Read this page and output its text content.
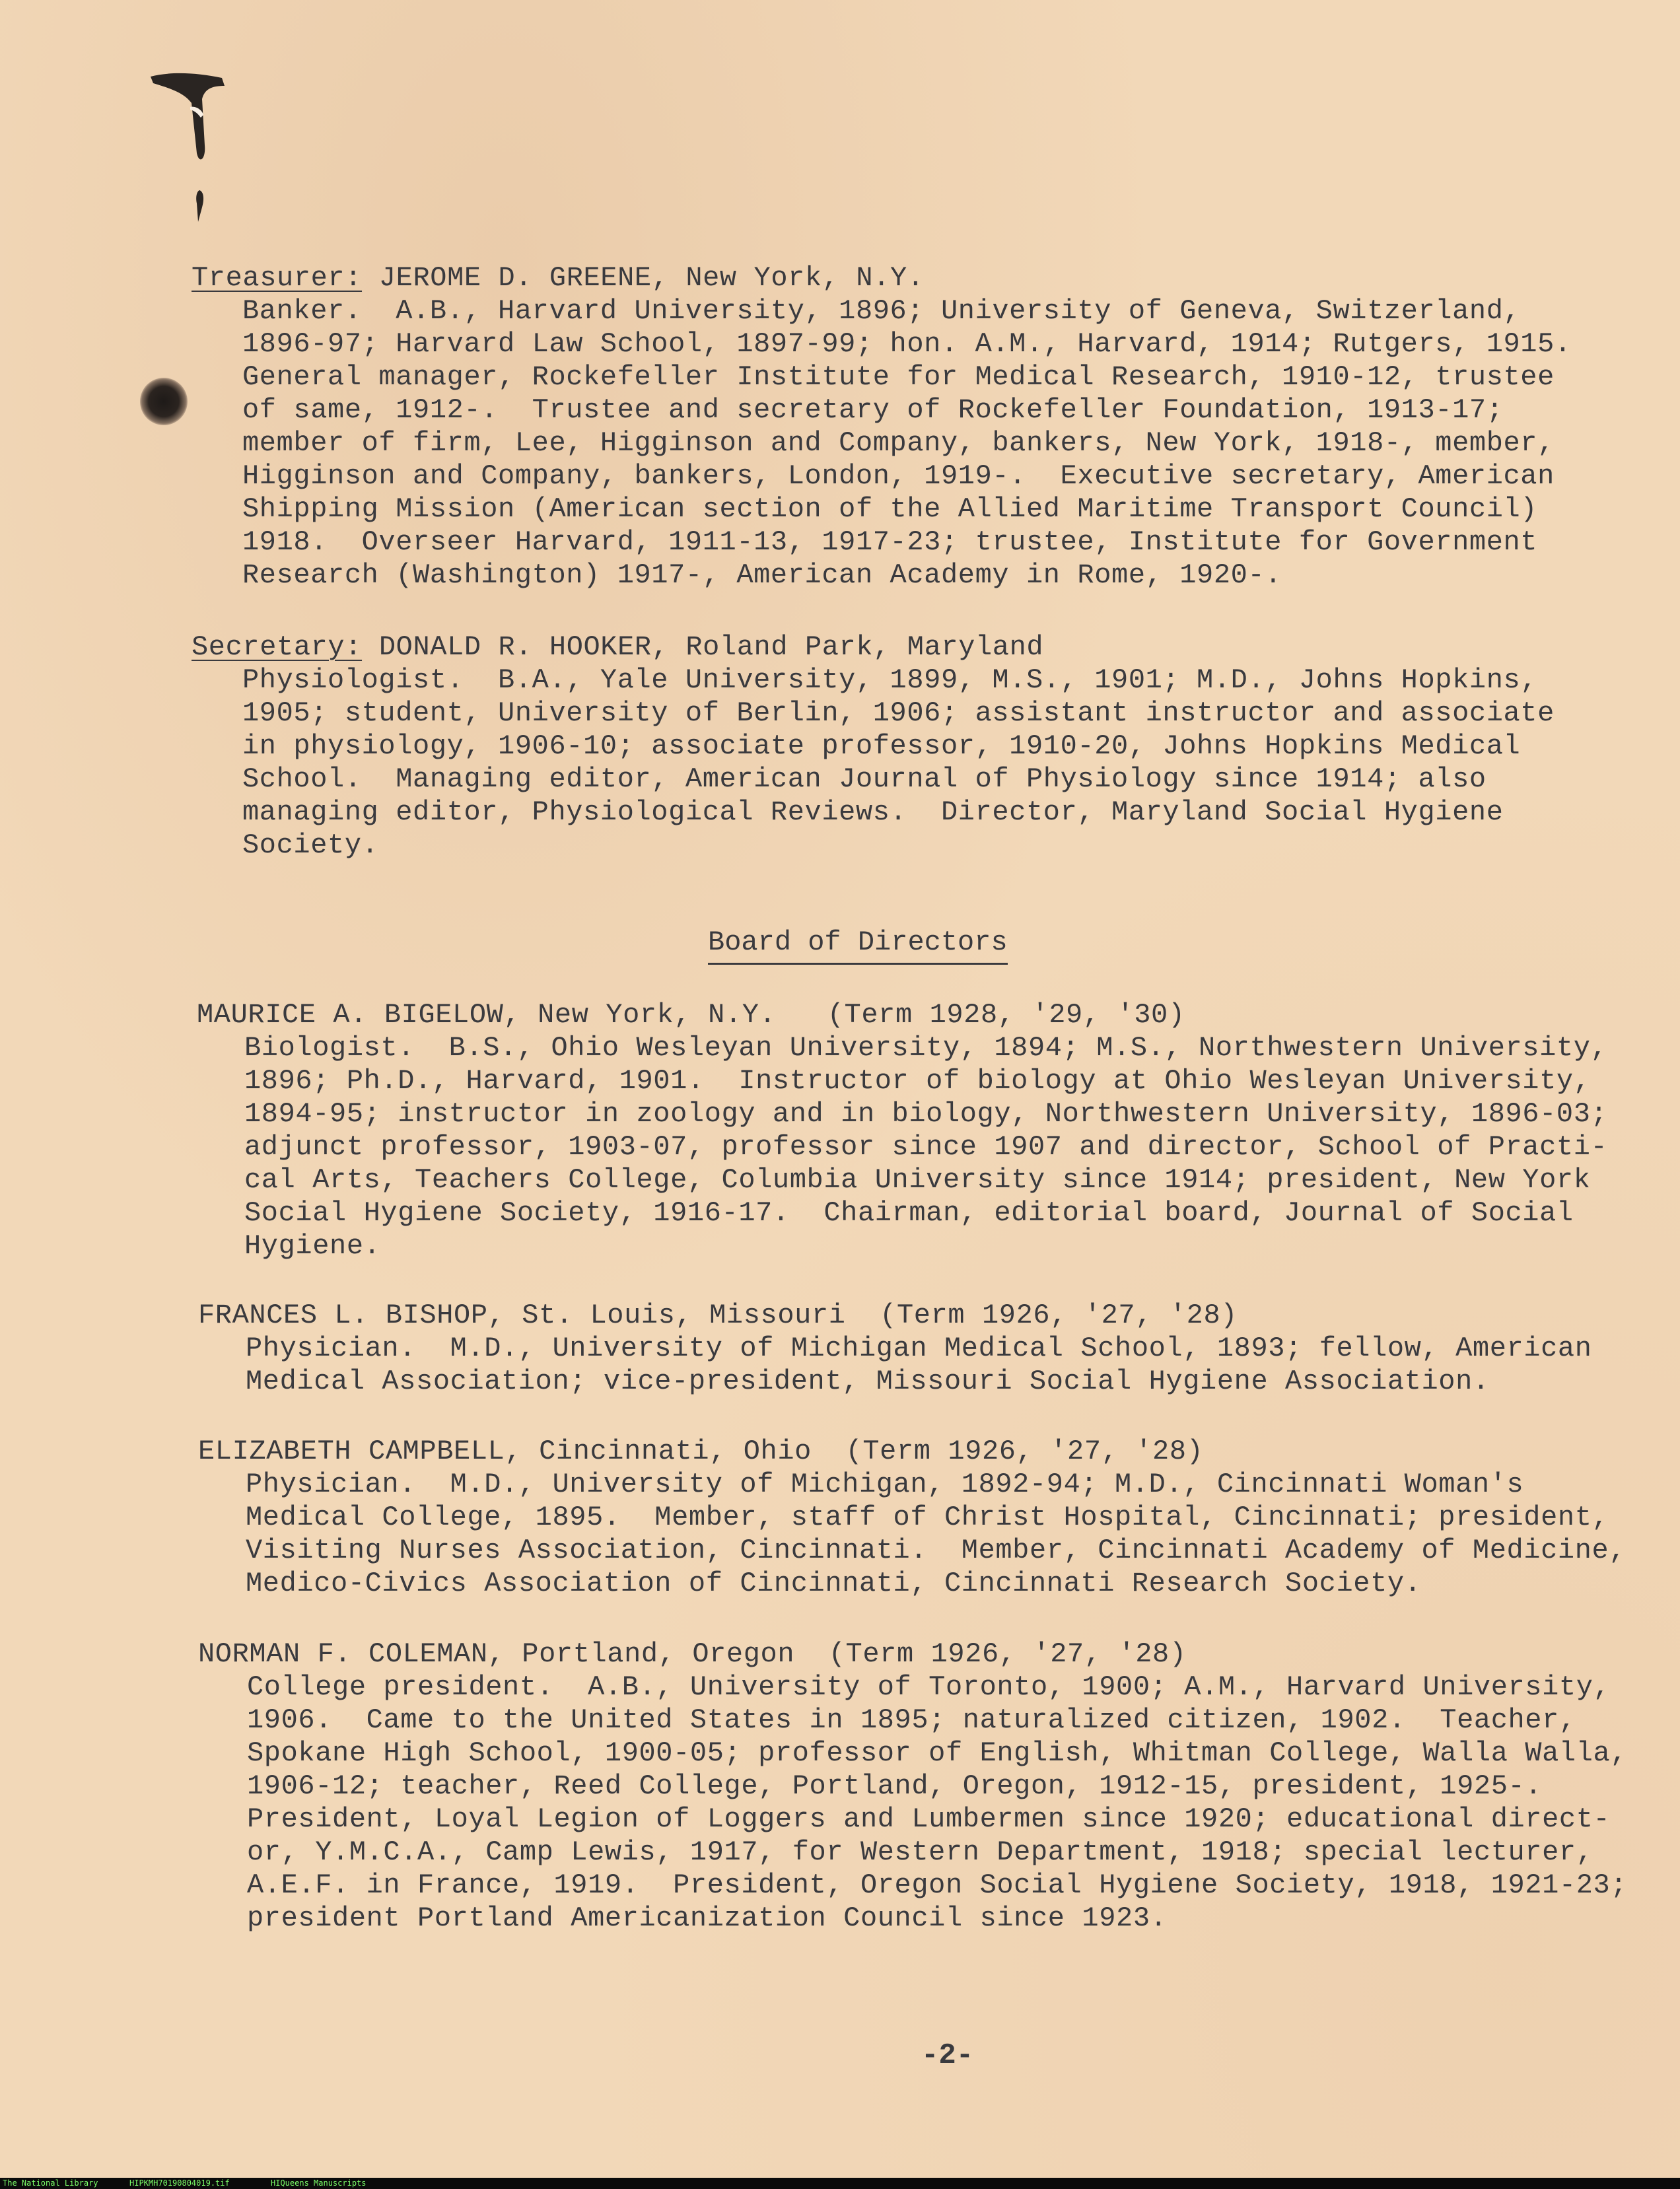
Treasurer: JEROME D. GREENE, New York, N.Y.
Banker.  A.B., Harvard University, 1896; University of Geneva, Switzerland,
1896-97; Harvard Law School, 1897-99; hon. A.M., Harvard, 1914; Rutgers, 1915.
General manager, Rockefeller Institute for Medical Research, 1910-12, trustee
of same, 1912-.  Trustee and secretary of Rockefeller Foundation, 1913-17;
member of firm, Lee, Higginson and Company, bankers, New York, 1918-, member,
Higginson and Company, bankers, London, 1919-.  Executive secretary, American
Shipping Mission (American section of the Allied Maritime Transport Council)
1918.  Overseer Harvard, 1911-13, 1917-23; trustee, Institute for Government
Research (Washington) 1917-, American Academy in Rome, 1920-.
Secretary: DONALD R. HOOKER, Roland Park, Maryland
Physiologist.  B.A., Yale University, 1899, M.S., 1901; M.D., Johns Hopkins,
1905; student, University of Berlin, 1906; assistant instructor and associate
in physiology, 1906-10; associate professor, 1910-20, Johns Hopkins Medical
School.  Managing editor, American Journal of Physiology since 1914; also
managing editor, Physiological Reviews.  Director, Maryland Social Hygiene
Society.
Board of Directors
MAURICE A. BIGELOW, New York, N.Y.   (Term 1928, '29, '30)
Biologist.  B.S., Ohio Wesleyan University, 1894; M.S., Northwestern University,
1896; Ph.D., Harvard, 1901.  Instructor of biology at Ohio Wesleyan University,
1894-95; instructor in zoology and in biology, Northwestern University, 1896-03;
adjunct professor, 1903-07, professor since 1907 and director, School of Practi-
cal Arts, Teachers College, Columbia University since 1914; president, New York
Social Hygiene Society, 1916-17.  Chairman, editorial board, Journal of Social
Hygiene.
FRANCES L. BISHOP, St. Louis, Missouri  (Term 1926, '27, '28)
Physician.  M.D., University of Michigan Medical School, 1893; fellow, American
Medical Association; vice-president, Missouri Social Hygiene Association.
ELIZABETH CAMPBELL, Cincinnati, Ohio  (Term 1926, '27, '28)
Physician.  M.D., University of Michigan, 1892-94; M.D., Cincinnati Woman's
Medical College, 1895.  Member, staff of Christ Hospital, Cincinnati; president,
Visiting Nurses Association, Cincinnati.  Member, Cincinnati Academy of Medicine,
Medico-Civics Association of Cincinnati, Cincinnati Research Society.
NORMAN F. COLEMAN, Portland, Oregon  (Term 1926, '27, '28)
College president.  A.B., University of Toronto, 1900; A.M., Harvard University,
1906.  Came to the United States in 1895; naturalized citizen, 1902.  Teacher,
Spokane High School, 1900-05; professor of English, Whitman College, Walla Walla,
1906-12; teacher, Reed College, Portland, Oregon, 1912-15, president, 1925-.
President, Loyal Legion of Loggers and Lumbermen since 1920; educational direct-
or, Y.M.C.A., Camp Lewis, 1917, for Western Department, 1918; special lecturer,
A.E.F. in France, 1919.  President, Oregon Social Hygiene Society, 1918, 1921-23;
president Portland Americanization Council since 1923.
-2-
The National Library	HIPKMH70190804019.tif	HIQueens Manuscripts
